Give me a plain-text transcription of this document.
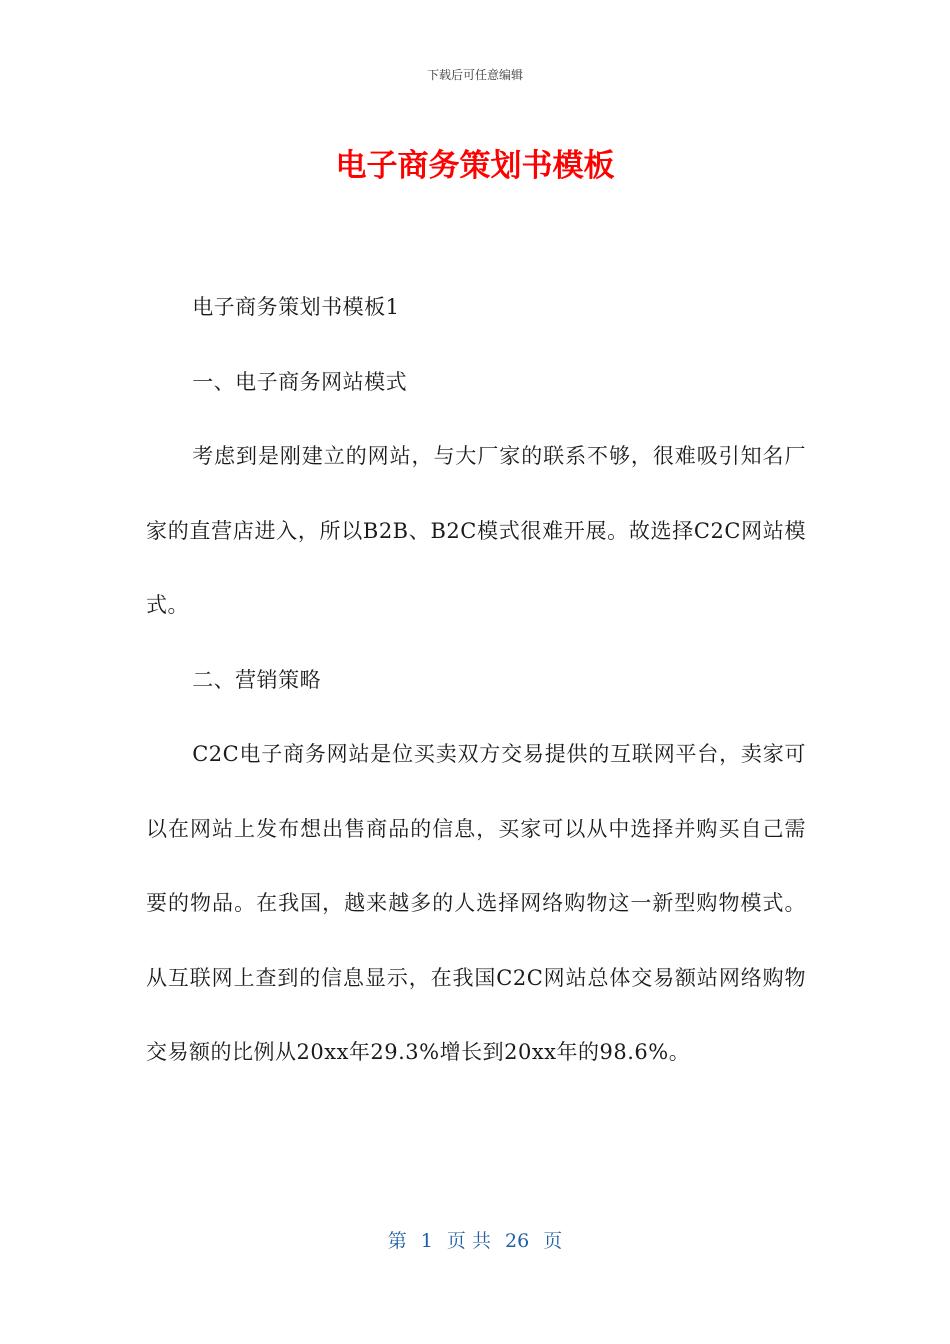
下载后可任意编辑
电子商务策划书模板

电子商务策划书模板1

一、电子商务网站模式

考虑到是刚建立的网站，与大厂家的联系不够，很难吸引知名厂家的直营店进入，所以B2B、B2C模式很难开展。故选择C2C网站模式。

二、营销策略

C2C电子商务网站是位买卖双方交易提供的互联网平台，卖家可以在网站上发布想出售商品的信息，买家可以从中选择并购买自己需要的物品。在我国，越来越多的人选择网络购物这一新型购物模式。从互联网上查到的信息显示，在我国C2C网站总体交易额站网络购物交易额的比例从20xx年29.3%增长到20xx年的98.6%。

第 1 页 共 26 页
